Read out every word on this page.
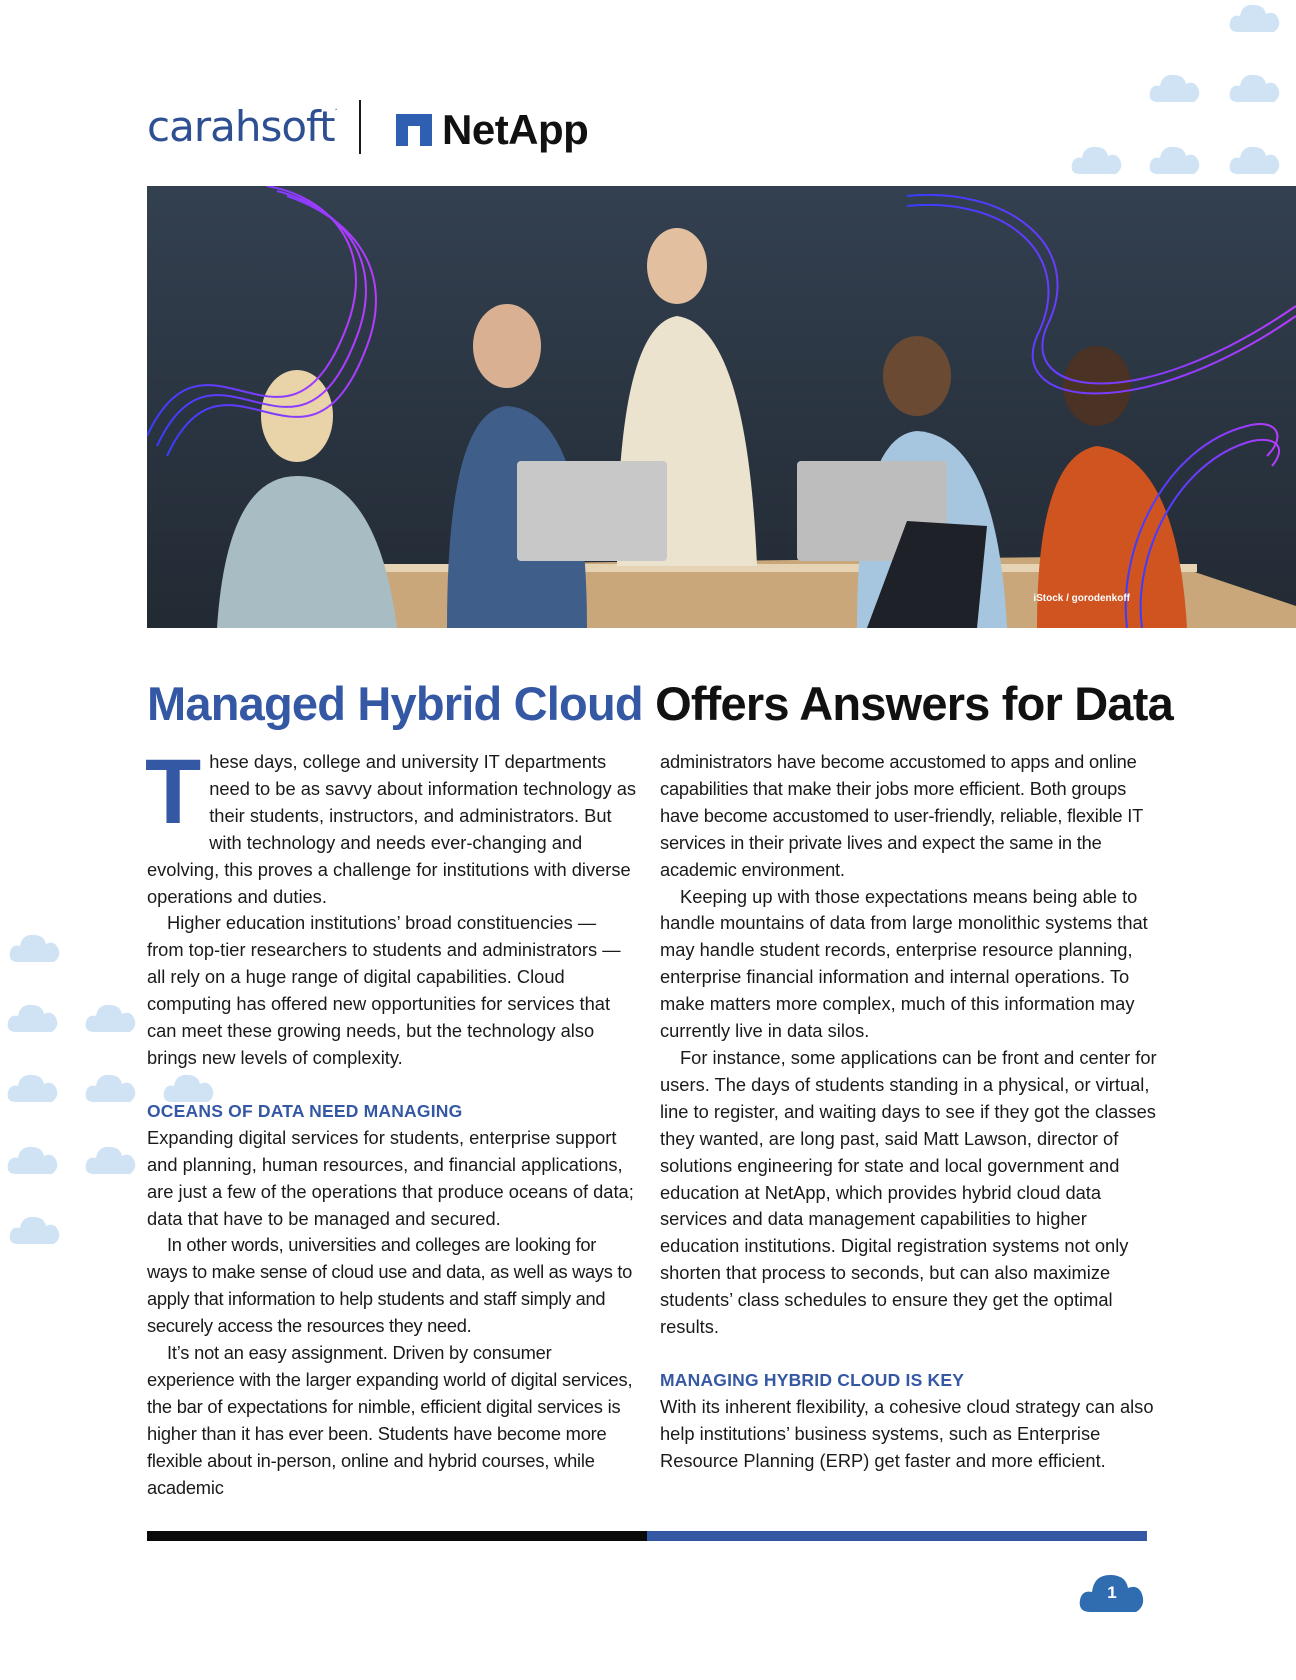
carahsoft.	NetApp
iStock / gorodenkoff
Managed Hybrid Cloud Offers Answers for Data

These days, college and university IT departments need to be as savvy about information technology as their students, instructors, and administrators. But with technology and needs ever-changing and evolving, this proves a challenge for institutions with diverse operations and duties.

Higher education institutions’ broad constituencies — from top-tier researchers to students and administrators — all rely on a huge range of digital capabilities. Cloud computing has offered new opportunities for services that can meet these growing needs, but the technology also brings new levels of complexity.

OCEANS OF DATA NEED MANAGING

Expanding digital services for students, enterprise support and planning, human resources, and financial applications, are just a few of the operations that produce oceans of data; data that have to be managed and secured.

In other words, universities and colleges are looking for ways to make sense of cloud use and data, as well as ways to apply that information to help students and staff simply and securely access the resources they need.

It’s not an easy assignment. Driven by consumer experience with the larger expanding world of digital services, the bar of expectations for nimble, efficient digital services is higher than it has ever been. Students have become more flexible about in-person, online and hybrid courses, while academic

administrators have become accustomed to apps and online capabilities that make their jobs more efficient. Both groups have become accustomed to user-friendly, reliable, flexible IT services in their private lives and expect the same in the academic environment.

Keeping up with those expectations means being able to handle mountains of data from large monolithic systems that may handle student records, enterprise resource planning, enterprise financial information and internal operations. To make matters more complex, much of this information may currently live in data silos.

For instance, some applications can be front and center for users. The days of students standing in a physical, or virtual, line to register, and waiting days to see if they got the classes they wanted, are long past, said Matt Lawson, director of solutions engineering for state and local government and education at NetApp, which provides hybrid cloud data services and data management capabilities to higher education institutions. Digital registration systems not only shorten that process to seconds, but can also maximize students’ class schedules to ensure they get the optimal results.

MANAGING HYBRID CLOUD IS KEY

With its inherent flexibility, a cohesive cloud strategy can also help institutions’ business systems, such as Enterprise Resource Planning (ERP) get faster and more efficient.

1
